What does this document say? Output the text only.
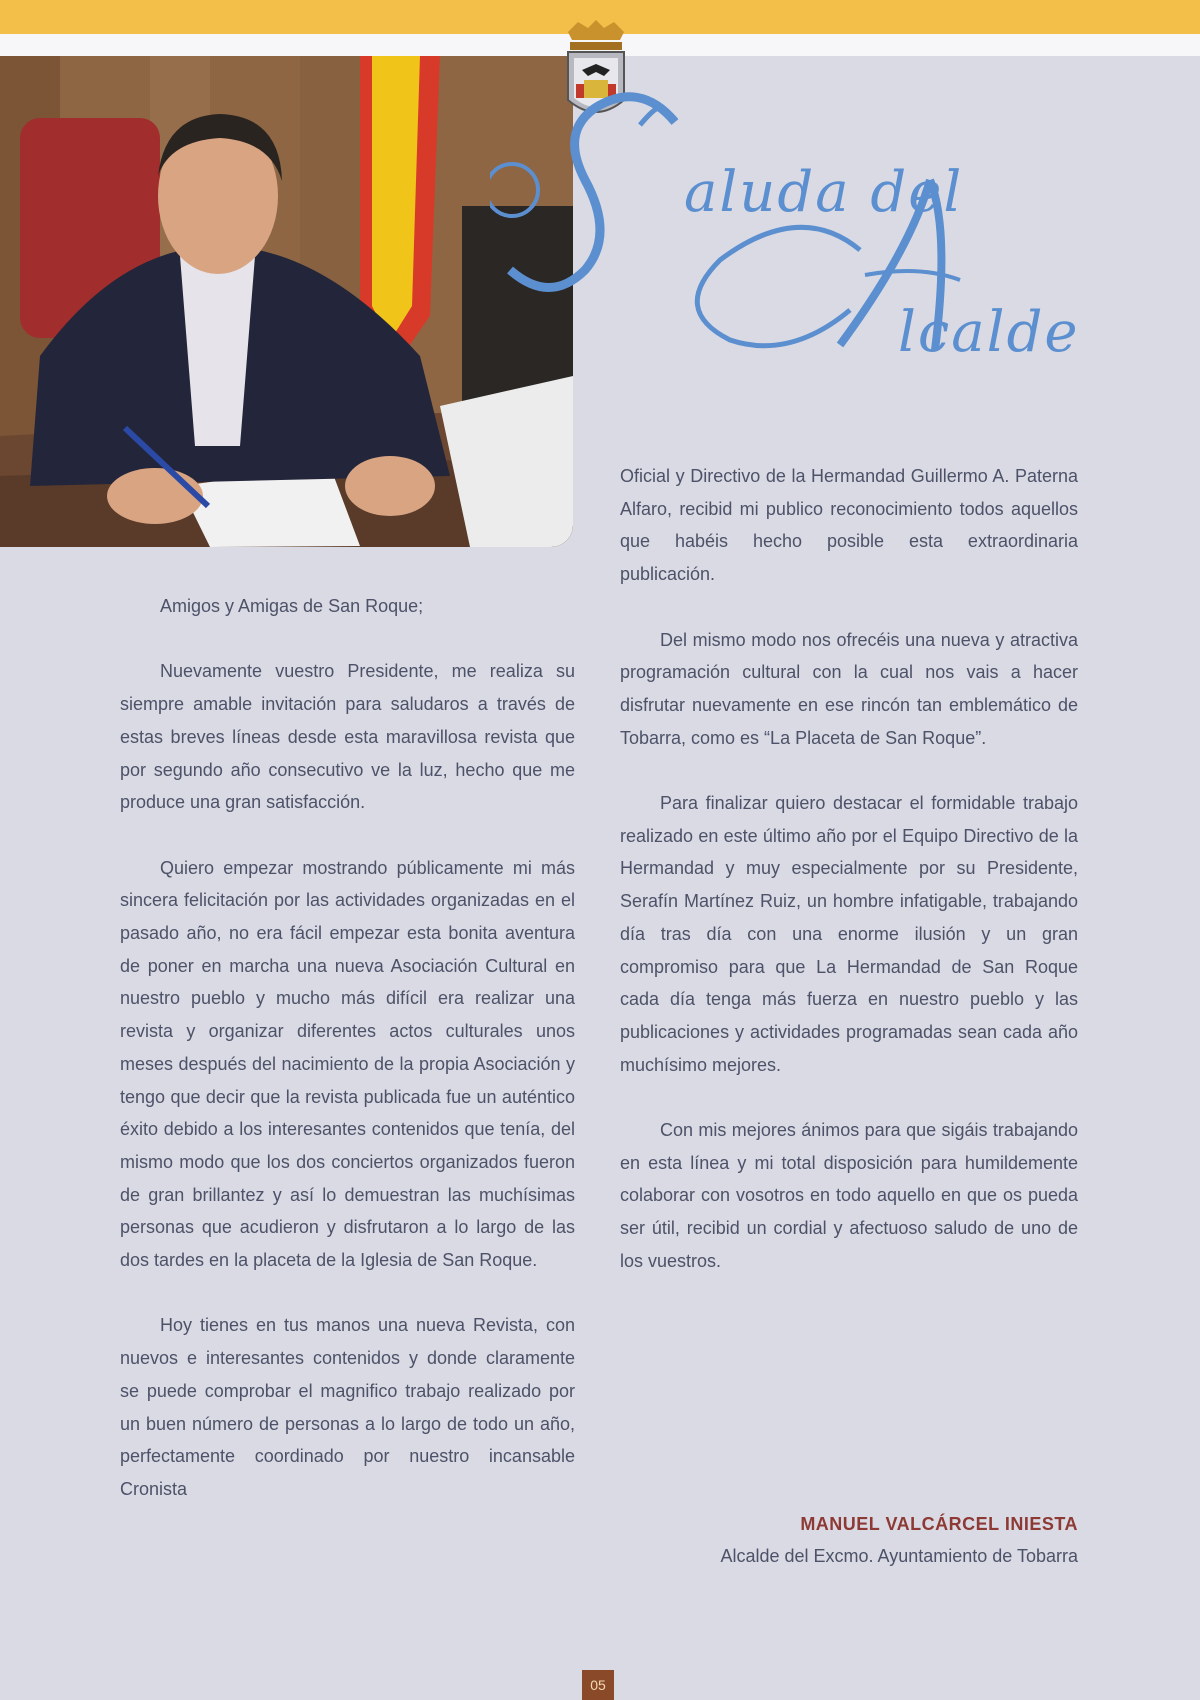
aluda del
lcalde

Amigos y Amigas de San Roque;

Nuevamente vuestro Presidente, me realiza su siempre amable invitación para saludaros a través de estas breves líneas desde esta maravillosa revista que por segundo año consecutivo ve la luz, hecho que me produce una gran satisfacción.

Quiero empezar mostrando públicamente mi más sincera felicitación por las actividades organizadas en el pasado año, no era fácil empezar esta bonita aventura de poner en marcha una nueva Asociación Cultural en nuestro pueblo y mucho más difícil era realizar una revista y organizar diferentes actos culturales unos meses después del nacimiento de la propia Asociación y tengo que decir que la revista publicada fue un auténtico éxito debido a los interesantes contenidos que tenía, del mismo modo que los dos conciertos organizados fueron de gran brillantez y así lo demuestran las muchísimas personas que acudieron y disfrutaron a lo largo de las dos tardes en la placeta de la Iglesia de San Roque.

Hoy tienes en tus manos una nueva Revista, con nuevos e interesantes contenidos y donde claramente se puede comprobar el magnifico trabajo realizado por un buen número de personas a lo largo de todo un año, perfectamente coordinado por nuestro incansable Cronista

Oficial y Directivo de la Hermandad Guillermo A. Paterna Alfaro, recibid mi publico reconocimiento todos aquellos que habéis hecho posible esta extraordinaria publicación.

Del mismo modo nos ofrecéis una nueva y atractiva programación cultural con la cual nos vais a hacer disfrutar nuevamente en ese rincón tan emblemático de Tobarra, como es “La Placeta de San Roque”.

Para finalizar quiero destacar el formidable trabajo realizado en este último año por el Equipo Directivo de la Hermandad y muy especialmente por su Presidente, Serafín Martínez Ruiz, un hombre infatigable, trabajando día tras día con una enorme ilusión y un gran compromiso para que La Hermandad de San Roque cada día tenga más fuerza en nuestro pueblo y las publicaciones y actividades programadas sean cada año muchísimo mejores.

Con mis mejores ánimos para que sigáis trabajando en esta línea y mi total disposición para humildemente colaborar con vosotros en todo aquello en que os pueda ser útil, recibid un cordial y afectuoso saludo de uno de los vuestros.

MANUEL VALCÁRCEL INIESTA
Alcalde del Excmo. Ayuntamiento de Tobarra
05
